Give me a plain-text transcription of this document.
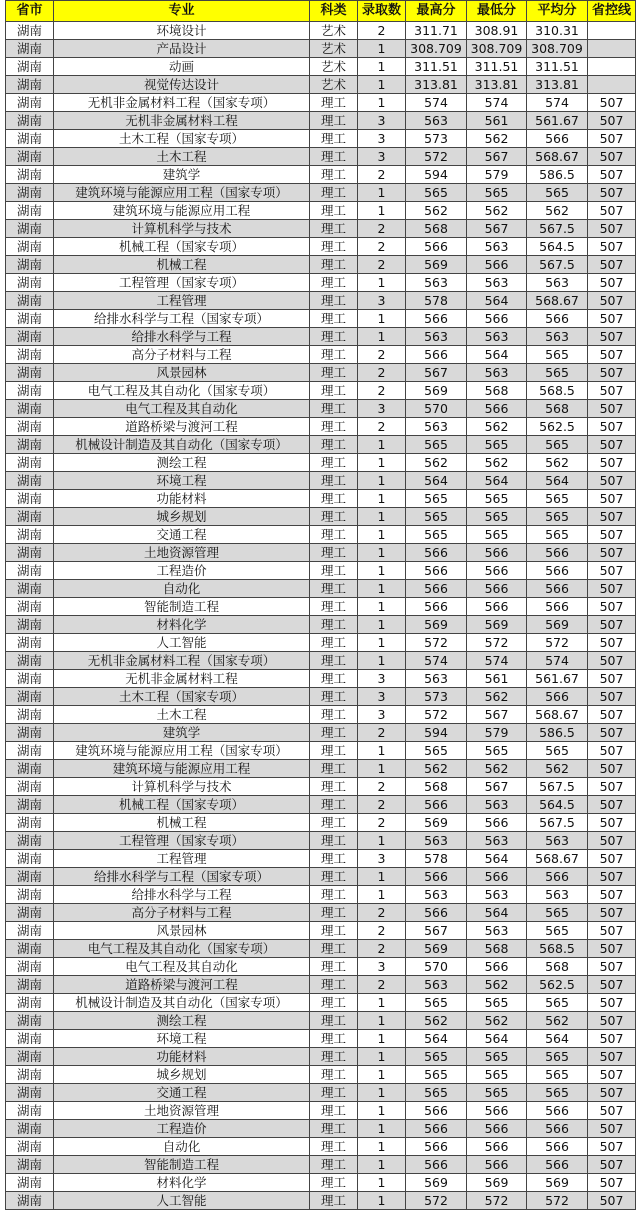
省市	专业	科类	录取数	最高分	最低分	平均分	省控线
湖南	环境设计	艺术	2	311.71	308.91	310.31	
湖南	产品设计	艺术	1	308.709	308.709	308.709	
湖南	动画	艺术	1	311.51	311.51	311.51	
湖南	视觉传达设计	艺术	1	313.81	313.81	313.81	
湖南	无机非金属材料工程（国家专项）	理工	1	574	574	574	507
湖南	无机非金属材料工程	理工	3	563	561	561.67	507
湖南	土木工程（国家专项）	理工	3	573	562	566	507
湖南	土木工程	理工	3	572	567	568.67	507
湖南	建筑学	理工	2	594	579	586.5	507
湖南	建筑环境与能源应用工程（国家专项）	理工	1	565	565	565	507
湖南	建筑环境与能源应用工程	理工	1	562	562	562	507
湖南	计算机科学与技术	理工	2	568	567	567.5	507
湖南	机械工程（国家专项）	理工	2	566	563	564.5	507
湖南	机械工程	理工	2	569	566	567.5	507
湖南	工程管理（国家专项）	理工	1	563	563	563	507
湖南	工程管理	理工	3	578	564	568.67	507
湖南	给排水科学与工程（国家专项）	理工	1	566	566	566	507
湖南	给排水科学与工程	理工	1	563	563	563	507
湖南	高分子材料与工程	理工	2	566	564	565	507
湖南	风景园林	理工	2	567	563	565	507
湖南	电气工程及其自动化（国家专项）	理工	2	569	568	568.5	507
湖南	电气工程及其自动化	理工	3	570	566	568	507
湖南	道路桥梁与渡河工程	理工	2	563	562	562.5	507
湖南	机械设计制造及其自动化（国家专项）	理工	1	565	565	565	507
湖南	测绘工程	理工	1	562	562	562	507
湖南	环境工程	理工	1	564	564	564	507
湖南	功能材料	理工	1	565	565	565	507
湖南	城乡规划	理工	1	565	565	565	507
湖南	交通工程	理工	1	565	565	565	507
湖南	土地资源管理	理工	1	566	566	566	507
湖南	工程造价	理工	1	566	566	566	507
湖南	自动化	理工	1	566	566	566	507
湖南	智能制造工程	理工	1	566	566	566	507
湖南	材料化学	理工	1	569	569	569	507
湖南	人工智能	理工	1	572	572	572	507
湖南	无机非金属材料工程（国家专项）	理工	1	574	574	574	507
湖南	无机非金属材料工程	理工	3	563	561	561.67	507
湖南	土木工程（国家专项）	理工	3	573	562	566	507
湖南	土木工程	理工	3	572	567	568.67	507
湖南	建筑学	理工	2	594	579	586.5	507
湖南	建筑环境与能源应用工程（国家专项）	理工	1	565	565	565	507
湖南	建筑环境与能源应用工程	理工	1	562	562	562	507
湖南	计算机科学与技术	理工	2	568	567	567.5	507
湖南	机械工程（国家专项）	理工	2	566	563	564.5	507
湖南	机械工程	理工	2	569	566	567.5	507
湖南	工程管理（国家专项）	理工	1	563	563	563	507
湖南	工程管理	理工	3	578	564	568.67	507
湖南	给排水科学与工程（国家专项）	理工	1	566	566	566	507
湖南	给排水科学与工程	理工	1	563	563	563	507
湖南	高分子材料与工程	理工	2	566	564	565	507
湖南	风景园林	理工	2	567	563	565	507
湖南	电气工程及其自动化（国家专项）	理工	2	569	568	568.5	507
湖南	电气工程及其自动化	理工	3	570	566	568	507
湖南	道路桥梁与渡河工程	理工	2	563	562	562.5	507
湖南	机械设计制造及其自动化（国家专项）	理工	1	565	565	565	507
湖南	测绘工程	理工	1	562	562	562	507
湖南	环境工程	理工	1	564	564	564	507
湖南	功能材料	理工	1	565	565	565	507
湖南	城乡规划	理工	1	565	565	565	507
湖南	交通工程	理工	1	565	565	565	507
湖南	土地资源管理	理工	1	566	566	566	507
湖南	工程造价	理工	1	566	566	566	507
湖南	自动化	理工	1	566	566	566	507
湖南	智能制造工程	理工	1	566	566	566	507
湖南	材料化学	理工	1	569	569	569	507
湖南	人工智能	理工	1	572	572	572	507
